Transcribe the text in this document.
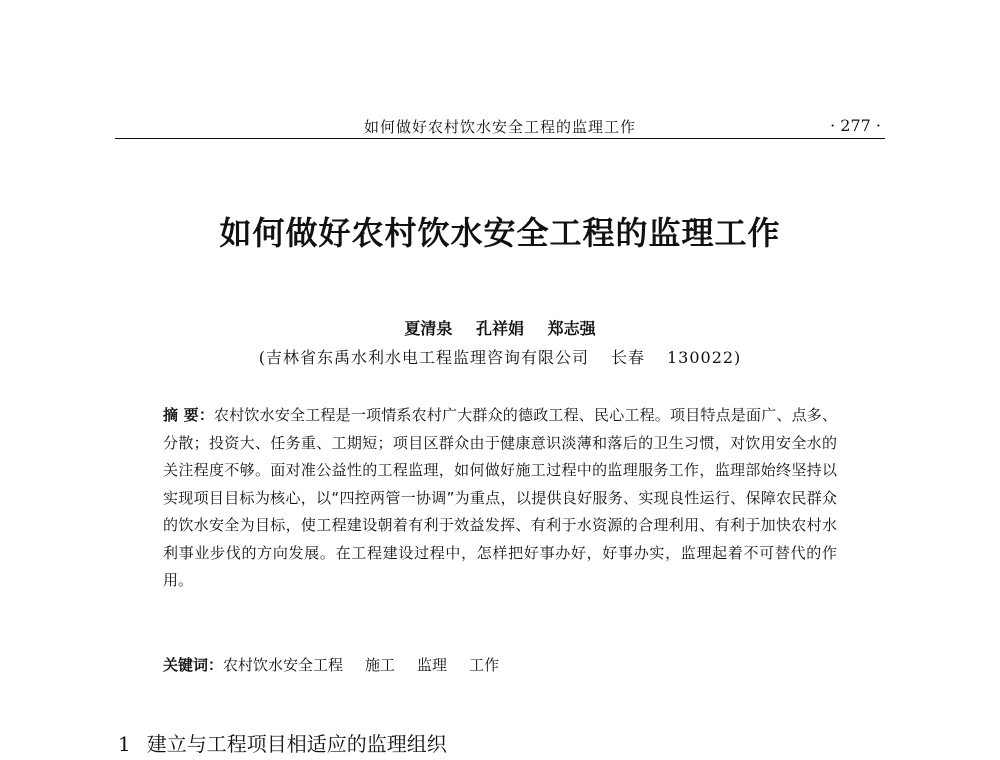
如何做好农村饮水安全工程的监理工作	· 277 ·
如何做好农村饮水安全工程的监理工作
夏清泉 孔祥娟 郑志强
(吉林省东禹水利水电工程监理咨询有限公司 长春 130022)
摘 要：农村饮水安全工程是一项情系农村广大群众的德政工程、民心工程。项目特点是面广、点多、分散；投资大、任务重、工期短；项目区群众由于健康意识淡薄和落后的卫生习惯，对饮用安全水的关注程度不够。面对准公益性的工程监理，如何做好施工过程中的监理服务工作，监理部始终坚持以实现项目目标为核心，以“四控两管一协调”为重点，以提供良好服务、实现良性运行、保障农民群众的饮水安全为目标，使工程建设朝着有利于效益发挥、有利于水资源的合理利用、有利于加快农村水利事业步伐的方向发展。在工程建设过程中，怎样把好事办好，好事办实，监理起着不可替代的作用。
关键词：农村饮水安全工程 施工 监理 工作
1 建立与工程项目相适应的监理组织
